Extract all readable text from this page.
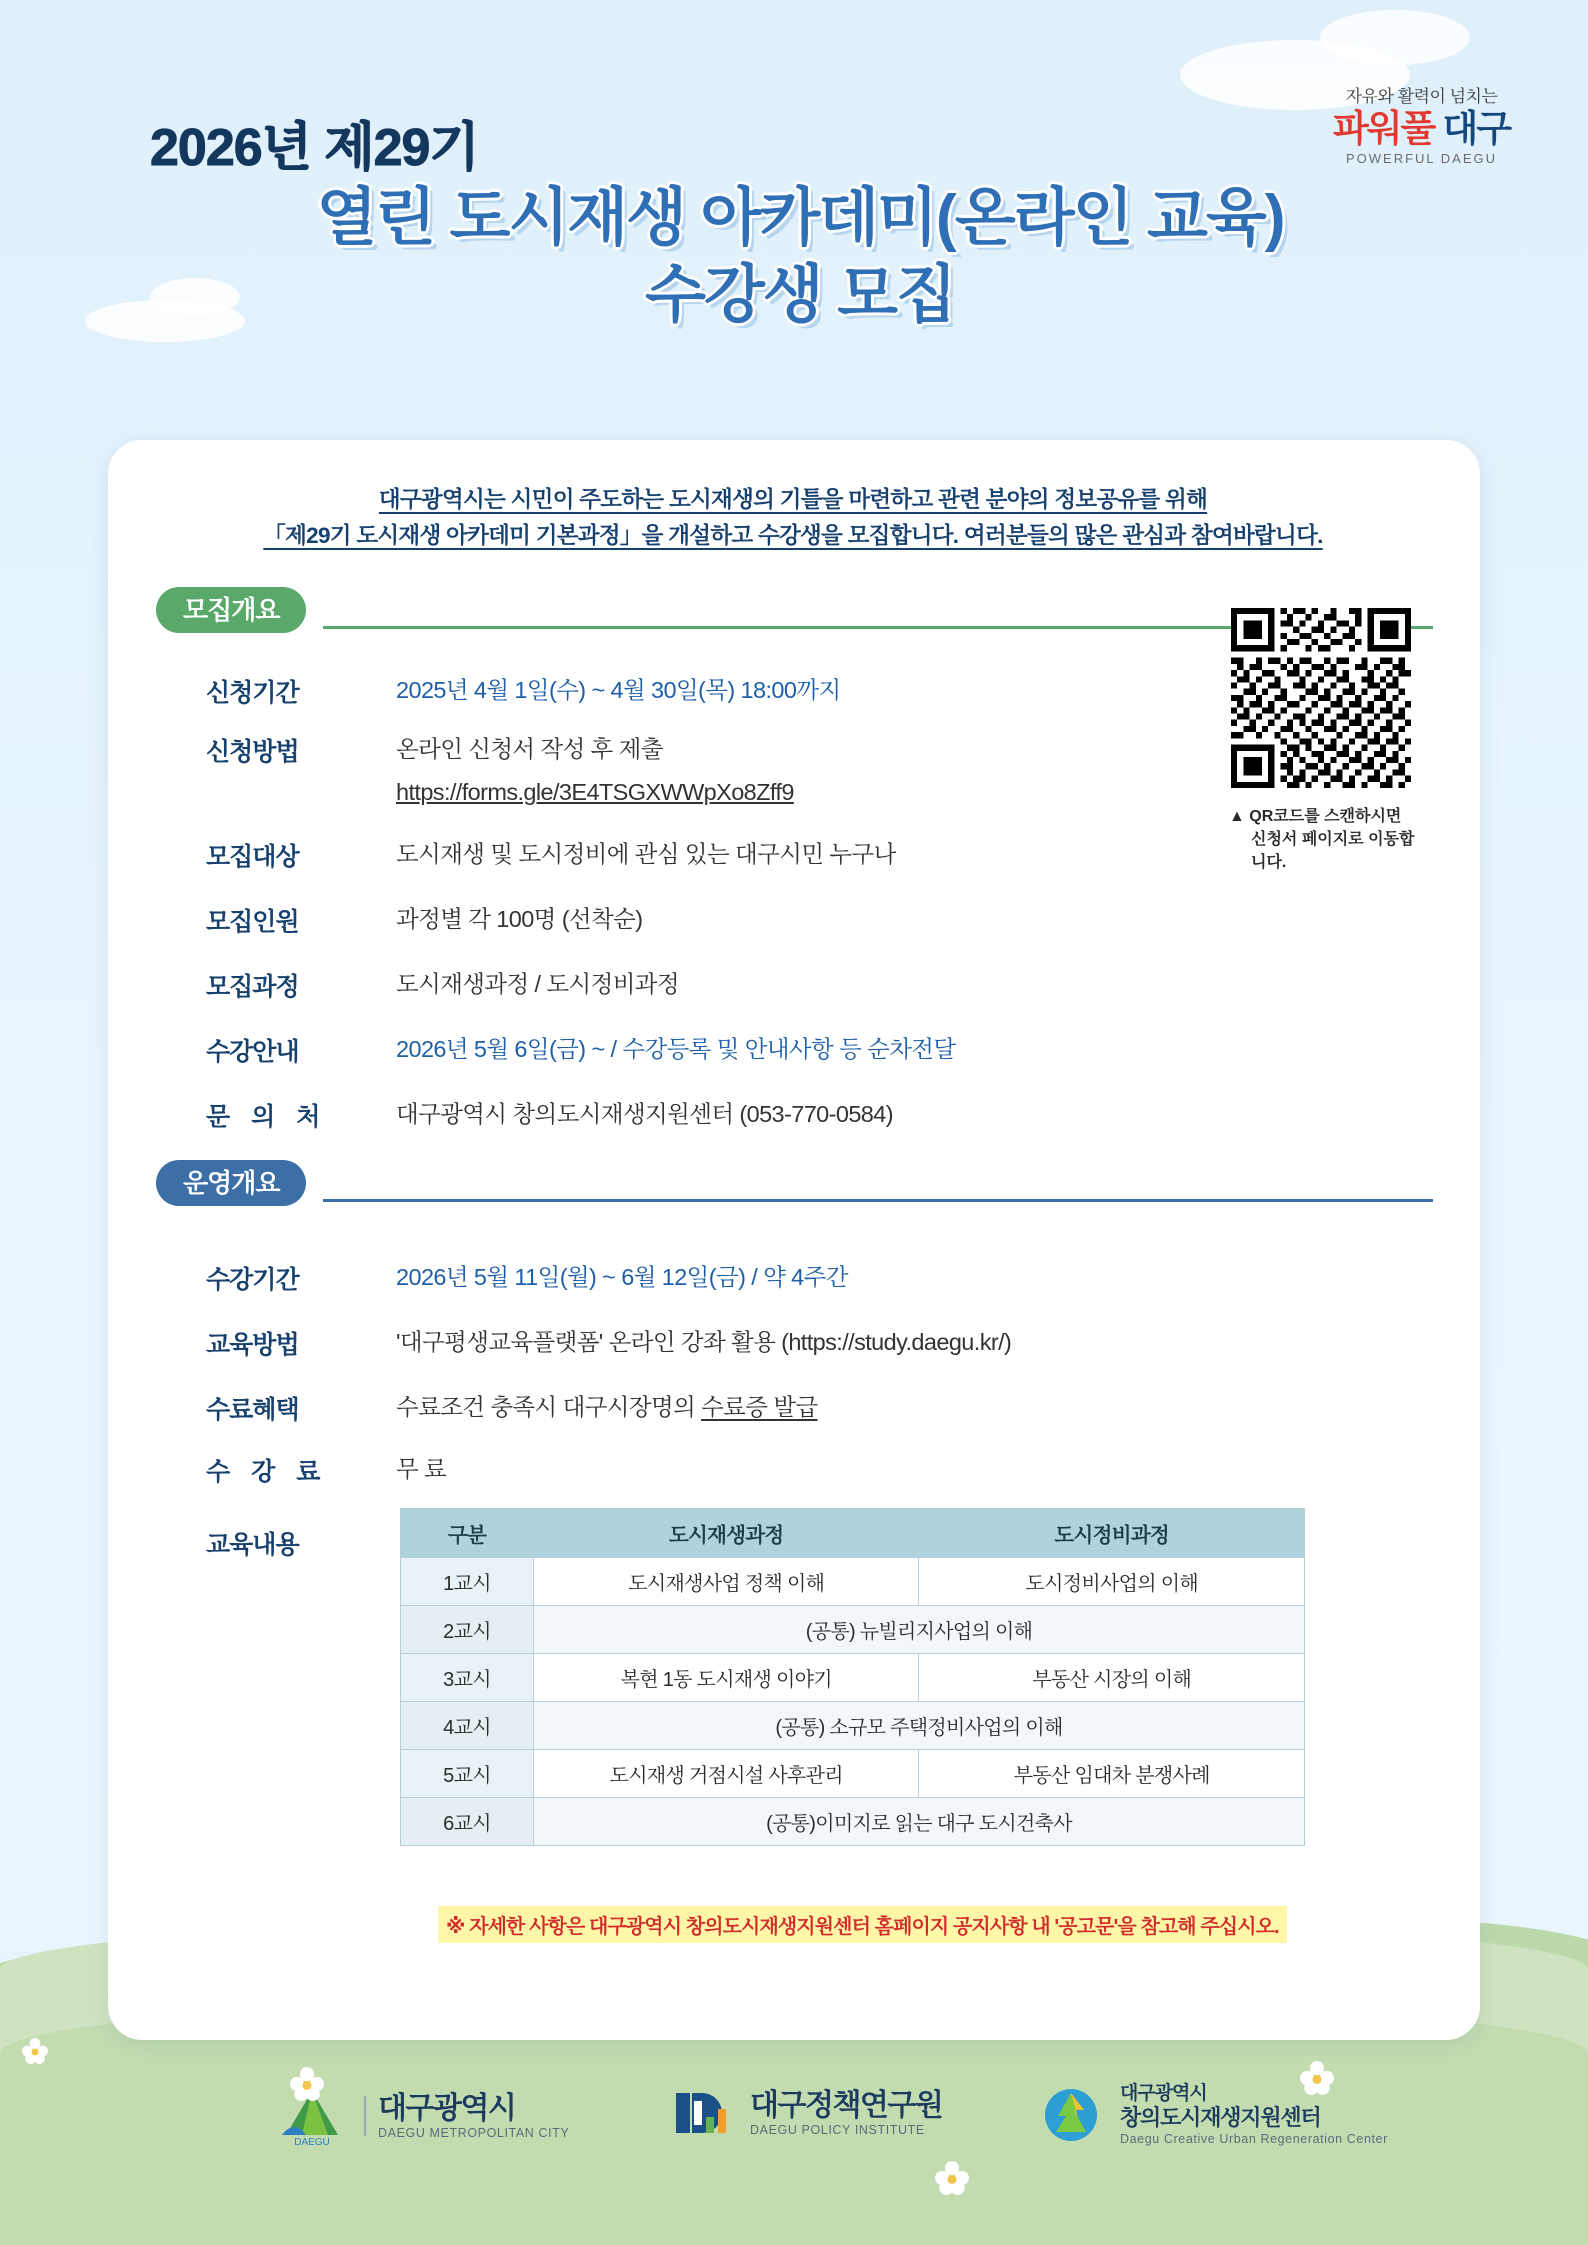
2026년 제29기
열린 도시재생 아카데미(온라인 교육)
수강생 모집
자유와 활력이 넘치는
파워풀 대구
POWERFUL DAEGU
대구광역시는 시민이 주도하는 도시재생의 기틀을 마련하고 관련 분야의 정보공유를 위해
「제29기 도시재생 아카데미 기본과정」을 개설하고 수강생을 모집합니다. 여러분들의 많은 관심과 참여바랍니다.
모집개요
신청기간	2025년 4월 1일(수) ~ 4월 30일(목) 18:00까지
신청방법	온라인 신청서 작성 후 제출
https://forms.gle/3E4TSGXWWpXo8Zff9
모집대상	도시재생 및 도시정비에 관심 있는 대구시민 누구나
모집인원	과정별 각 100명 (선착순)
모집과정	도시재생과정 / 도시정비과정
수강안내	2026년 5월 6일(금) ~ / 수강등록 및 안내사항 등 순차전달
문 의 처	대구광역시 창의도시재생지원센터 (053-770-0584)
▲ QR코드를 스캔하시면
신청서 페이지로 이동합니다.
운영개요
수강기간	2026년 5월 11일(월) ~ 6월 12일(금) / 약 4주간
교육방법	'대구평생교육플랫폼' 온라인 강좌 활용 (https://study.daegu.kr/)
수료혜택	수료조건 충족시 대구시장명의 수료증 발급
수 강 료	무 료
교육내용	구분	도시재생과정	도시정비과정
1교시	도시재생사업 정책 이해	도시정비사업의 이해
2교시	(공통) 뉴빌리지사업의 이해	
3교시	복현 1동 도시재생 이야기	부동산 시장의 이해
4교시	(공통) 소규모 주택정비사업의 이해	
5교시	도시재생 거점시설 사후관리	부동산 임대차 분쟁사례
6교시	(공통)이미지로 읽는 대구 도시건축사	
※ 자세한 사항은 대구광역시 창의도시재생지원센터 홈페이지 공지사항 내 '공고문'을 참고해 주십시오.
DAEGU
대구광역시
DAEGU METROPOLITAN CITY
대구정책연구원
DAEGU POLICY INSTITUTE
대구광역시
창의도시재생지원센터
Daegu Creative Urban Regeneration Center
